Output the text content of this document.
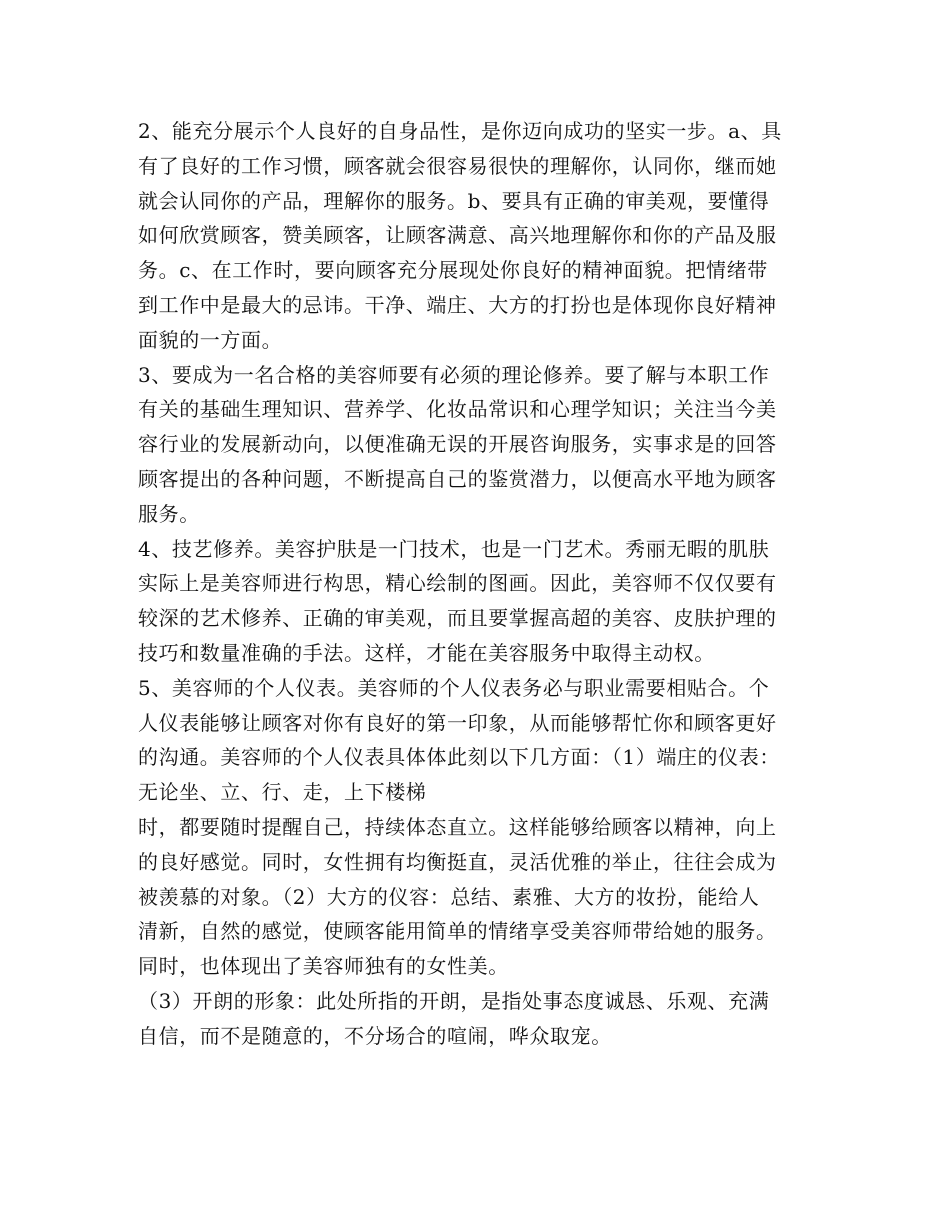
2、能充分展示个人良好的自身品性，是你迈向成功的坚实一步。a、具
有了良好的工作习惯，顾客就会很容易很快的理解你，认同你，继而她
就会认同你的产品，理解你的服务。b、要具有正确的审美观，要懂得
如何欣赏顾客，赞美顾客，让顾客满意、高兴地理解你和你的产品及服
务。c、在工作时，要向顾客充分展现处你良好的精神面貌。把情绪带
到工作中是最大的忌讳。干净、端庄、大方的打扮也是体现你良好精神
面貌的一方面。
3、要成为一名合格的美容师要有必须的理论修养。要了解与本职工作
有关的基础生理知识、营养学、化妆品常识和心理学知识；关注当今美
容行业的发展新动向，以便准确无误的开展咨询服务，实事求是的回答
顾客提出的各种问题，不断提高自己的鉴赏潜力，以便高水平地为顾客
服务。
4、技艺修养。美容护肤是一门技术，也是一门艺术。秀丽无暇的肌肤
实际上是美容师进行构思，精心绘制的图画。因此，美容师不仅仅要有
较深的艺术修养、正确的审美观，而且要掌握高超的美容、皮肤护理的
技巧和数量准确的手法。这样，才能在美容服务中取得主动权。
5、美容师的个人仪表。美容师的个人仪表务必与职业需要相贴合。个
人仪表能够让顾客对你有良好的第一印象，从而能够帮忙你和顾客更好
的沟通。美容师的个人仪表具体体此刻以下几方面：（1）端庄的仪表：
无论坐、立、行、走，上下楼梯
时，都要随时提醒自己，持续体态直立。这样能够给顾客以精神，向上
的良好感觉。同时，女性拥有均衡挺直，灵活优雅的举止，往往会成为
被羡慕的对象。（2）大方的仪容：总结、素雅、大方的妆扮，能给人
清新，自然的感觉，使顾客能用简单的情绪享受美容师带给她的服务。
同时，也体现出了美容师独有的女性美。
（3）开朗的形象：此处所指的开朗，是指处事态度诚恳、乐观、充满
自信，而不是随意的，不分场合的喧闹，哗众取宠。
